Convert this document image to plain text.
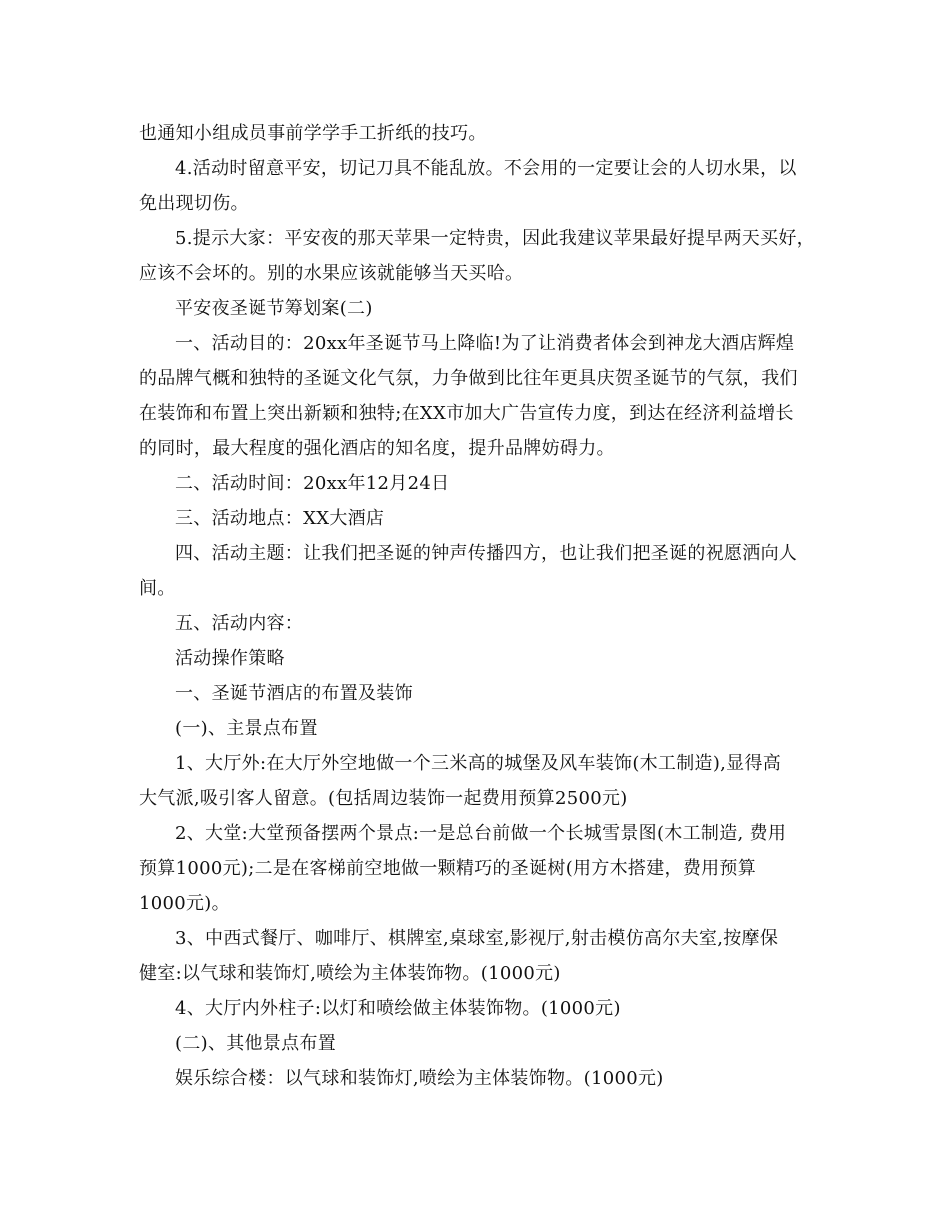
也通知小组成员事前学学手工折纸的技巧。
4.活动时留意平安，切记刀具不能乱放。不会用的一定要让会的人切水果，以
免出现切伤。
5.提示大家：平安夜的那天苹果一定特贵，因此我建议苹果最好提早两天买好，
应该不会坏的。别的水果应该就能够当天买哈。
平安夜圣诞节筹划案(二)
一、活动目的：20xx年圣诞节马上降临!为了让消费者体会到神龙大酒店辉煌
的品牌气概和独特的圣诞文化气氛，力争做到比往年更具庆贺圣诞节的气氛，我们
在装饰和布置上突出新颖和独特;在XX市加大广告宣传力度，到达在经济利益增长
的同时，最大程度的强化酒店的知名度，提升品牌妨碍力。
二、活动时间：20xx年12月24日
三、活动地点：XX大酒店
四、活动主题：让我们把圣诞的钟声传播四方，也让我们把圣诞的祝愿洒向人
间。
五、活动内容：
活动操作策略
一、圣诞节酒店的布置及装饰
(一)、主景点布置
1、大厅外:在大厅外空地做一个三米高的城堡及风车装饰(木工制造),显得高
大气派,吸引客人留意。(包括周边装饰一起费用预算2500元)
2、大堂:大堂预备摆两个景点:一是总台前做一个长城雪景图(木工制造, 费用
预算1000元);二是在客梯前空地做一颗精巧的圣诞树(用方木搭建，费用预算
1000元)。
3、中西式餐厅、咖啡厅、棋牌室,桌球室,影视厅,射击模仿高尔夫室,按摩保
健室:以气球和装饰灯,喷绘为主体装饰物。(1000元)
4、大厅内外柱子:以灯和喷绘做主体装饰物。(1000元)
(二)、其他景点布置
娱乐综合楼：以气球和装饰灯,喷绘为主体装饰物。(1000元)
